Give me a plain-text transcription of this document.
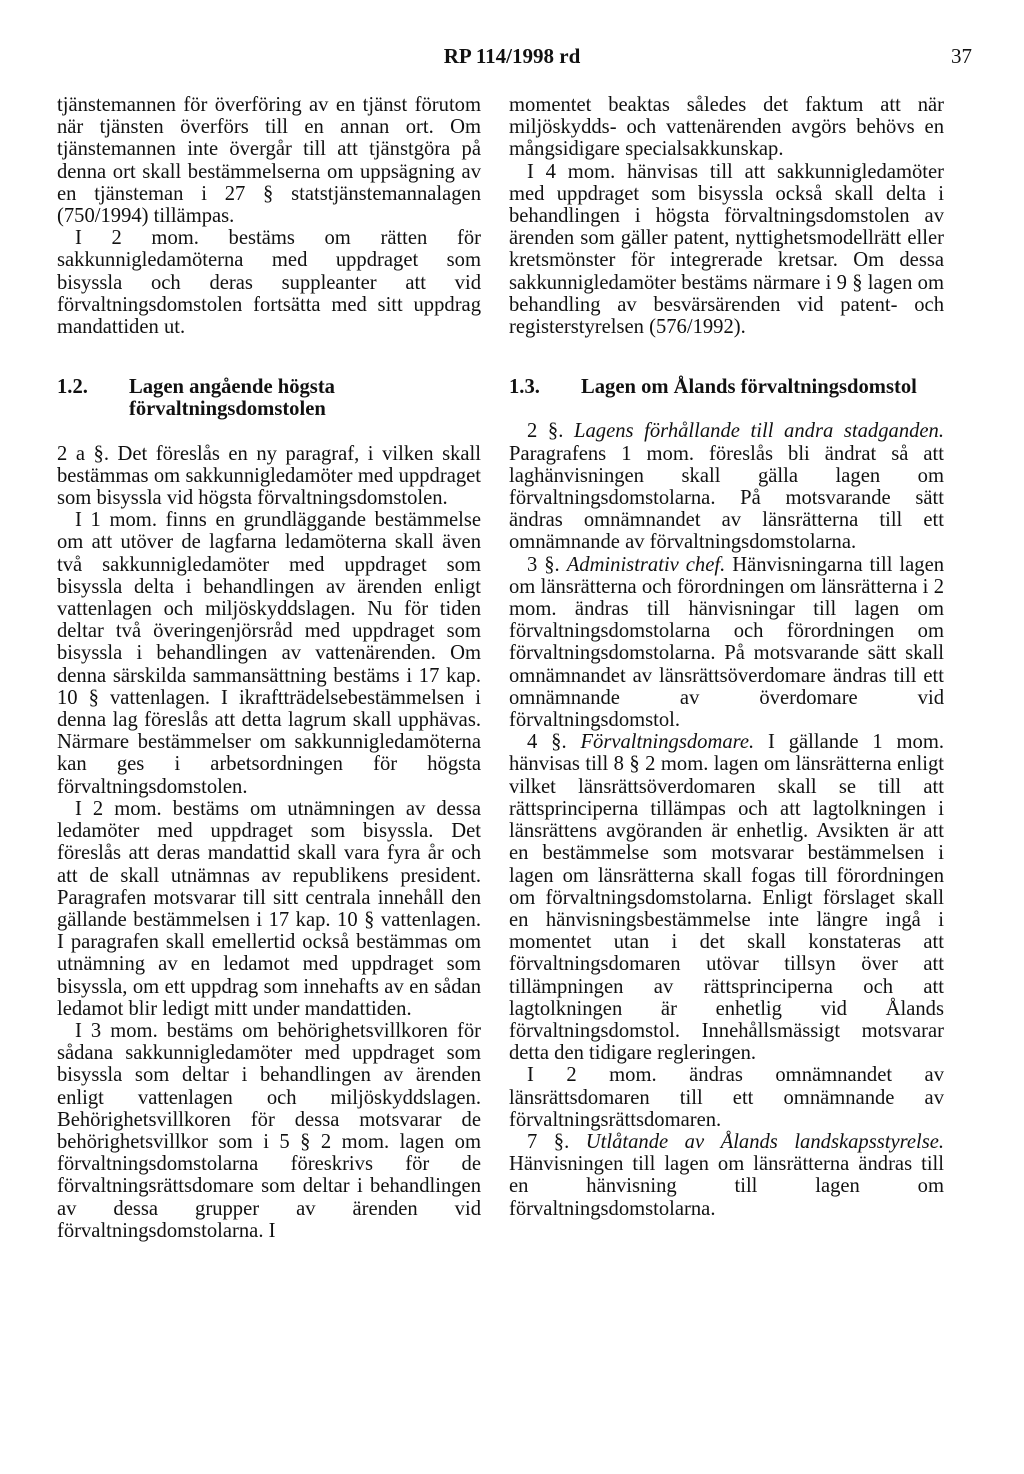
RP 114/1998 rd	37

tjänstemannen för överföring av en tjänst förutom när tjänsten överförs till en annan ort. Om tjänstemannen inte övergår till att tjänstgöra på denna ort skall bestämmelserna om uppsägning av en tjänsteman i 27 § statstjänstemannalagen (750/1994) tillämpas.

I 2 mom. bestäms om rätten för sakkunnigledamöterna med uppdraget som bisyssla och deras suppleanter att vid förvaltningsdomstolen fortsätta med sitt uppdrag mandattiden ut.

1.2.	Lagen angående högsta förvaltningsdomstolen

2 a §. Det föreslås en ny paragraf, i vilken skall bestämmas om sakkunnigledamöter med uppdraget som bisyssla vid högsta förvaltningsdomstolen.

I 1 mom. finns en grundläggande bestämmelse om att utöver de lagfarna ledamöterna skall även två sakkunnigledamöter med uppdraget som bisyssla delta i behandlingen av ärenden enligt vattenlagen och miljöskyddslagen. Nu för tiden deltar två överingenjörsråd med uppdraget som bisyssla i behandlingen av vattenärenden. Om denna särskilda sammansättning bestäms i 17 kap. 10 § vattenlagen. I ikraftträdelsebestämmelsen i denna lag föreslås att detta lagrum skall upphävas. Närmare bestämmelser om sakkunnigledamöterna kan ges i arbetsordningen för högsta förvaltningsdomstolen.

I 2 mom. bestäms om utnämningen av dessa ledamöter med uppdraget som bisyssla. Det föreslås att deras mandattid skall vara fyra år och att de skall utnämnas av republikens president. Paragrafen motsvarar till sitt centrala innehåll den gällande bestämmelsen i 17 kap. 10 § vattenlagen. I paragrafen skall emellertid också bestämmas om utnämning av en ledamot med uppdraget som bisyssla, om ett uppdrag som innehafts av en sådan ledamot blir ledigt mitt under mandattiden.

I 3 mom. bestäms om behörighetsvillkoren för sådana sakkunnigledamöter med uppdraget som bisyssla som deltar i behandlingen av ärenden enligt vattenlagen och miljöskyddslagen. Behörighetsvillkoren för dessa motsvarar de behörighetsvillkor som i 5 § 2 mom. lagen om förvaltningsdomstolarna föreskrivs för de förvaltningsrättsdomare som deltar i behandlingen av dessa grupper av ärenden vid förvaltningsdomstolarna. I

momentet beaktas således det faktum att när miljöskydds- och vattenärenden avgörs behövs en mångsidigare specialsakkunskap.

I 4 mom. hänvisas till att sakkunnigledamöter med uppdraget som bisyssla också skall delta i behandlingen i högsta förvaltningsdomstolen av ärenden som gäller patent, nyttighetsmodellrätt eller kretsmönster för integrerade kretsar. Om dessa sakkunnigledamöter bestäms närmare i 9 § lagen om behandling av besvärsärenden vid patent- och registerstyrelsen (576/1992).

1.3.	Lagen om Ålands förvaltningsdomstol

2 §. Lagens förhållande till andra stadganden. Paragrafens 1 mom. föreslås bli ändrat så att laghänvisningen skall gälla lagen om förvaltningsdomstolarna. På motsvarande sätt ändras omnämnandet av länsrätterna till ett omnämnande av förvaltningsdomstolarna.

3 §. Administrativ chef. Hänvisningarna till lagen om länsrätterna och förordningen om länsrätterna i 2 mom. ändras till hänvisningar till lagen om förvaltningsdomstolarna och förordningen om förvaltningsdomstolarna. På motsvarande sätt skall omnämnandet av länsrättsöverdomare ändras till ett omnämnande av överdomare vid förvaltningsdomstol.

4 §. Förvaltningsdomare. I gällande 1 mom. hänvisas till 8 § 2 mom. lagen om länsrätterna enligt vilket länsrättsöverdomaren skall se till att rättsprinciperna tillämpas och att lagtolkningen i länsrättens avgöranden är enhetlig. Avsikten är att en bestämmelse som motsvarar bestämmelsen i lagen om länsrätterna skall fogas till förordningen om förvaltningsdomstolarna. Enligt förslaget skall en hänvisningsbestämmelse inte längre ingå i momentet utan i det skall konstateras att förvaltningsdomaren utövar tillsyn över att tillämpningen av rättsprinciperna och att lagtolkningen är enhetlig vid Ålands förvaltningsdomstol. Innehållsmässigt motsvarar detta den tidigare regleringen.

I 2 mom. ändras omnämnandet av länsrättsdomaren till ett omnämnande av förvaltningsrättsdomaren.

7 §. Utlåtande av Ålands landskapsstyrelse. Hänvisningen till lagen om länsrätterna ändras till en hänvisning till lagen om förvaltningsdomstolarna.
